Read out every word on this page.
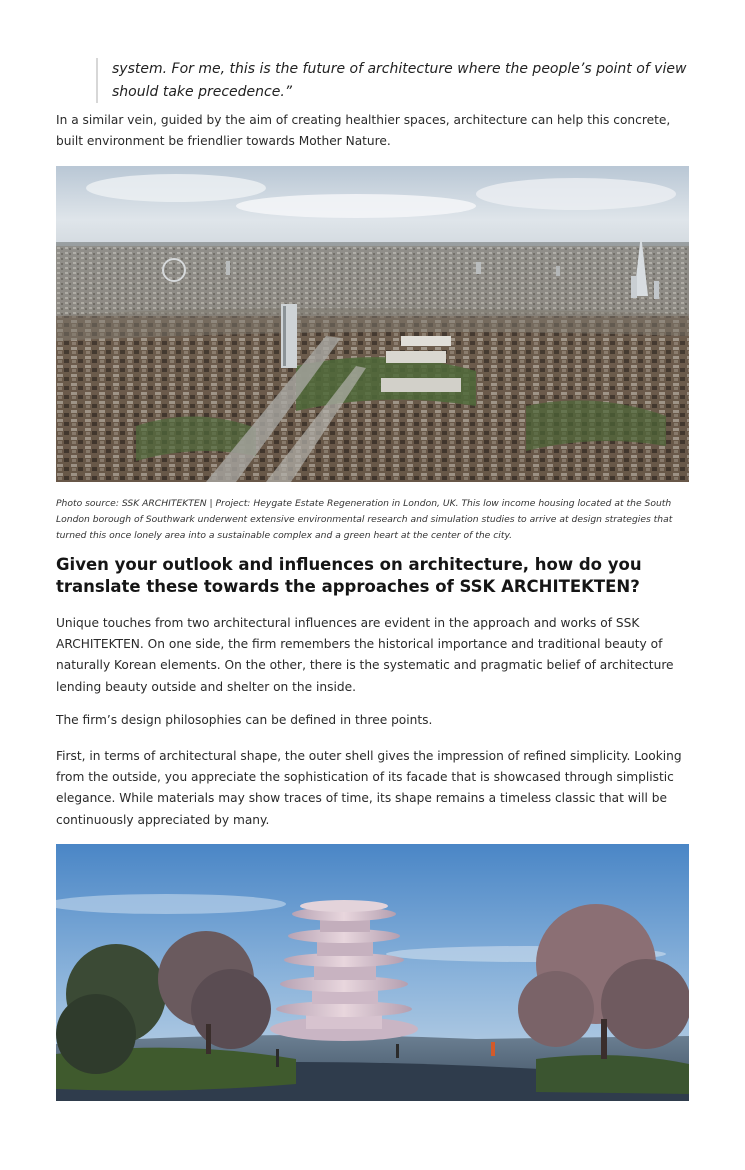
system. For me, this is the future of architecture where the people’s point of view should take precedence.”

In a similar vein, guided by the aim of creating healthier spaces, architecture can help this concrete, built environment be friendlier towards Mother Nature.

Photo source: SSK ARCHITEKTEN | Project: Heygate Estate Regeneration in London, UK. This low income housing located at the South London borough of Southwark underwent extensive environmental research and simulation studies to arrive at design strategies that turned this once lonely area into a sustainable complex and a green heart at the center of the city.

Given your outlook and influences on architecture, how do you translate these towards the approaches of SSK ARCHITEKTEN?

Unique touches from two architectural influences are evident in the approach and works of SSK ARCHITEKTEN. On one side, the firm remembers the historical importance and traditional beauty of naturally Korean elements. On the other, there is the systematic and pragmatic belief of architecture lending beauty outside and shelter on the inside.

The firm’s design philosophies can be defined in three points.

First, in terms of architectural shape, the outer shell gives the impression of refined simplicity. Looking from the outside, you appreciate the sophistication of its facade that is showcased through simplistic elegance. While materials may show traces of time, its shape remains a timeless classic that will be continuously appreciated by many.
